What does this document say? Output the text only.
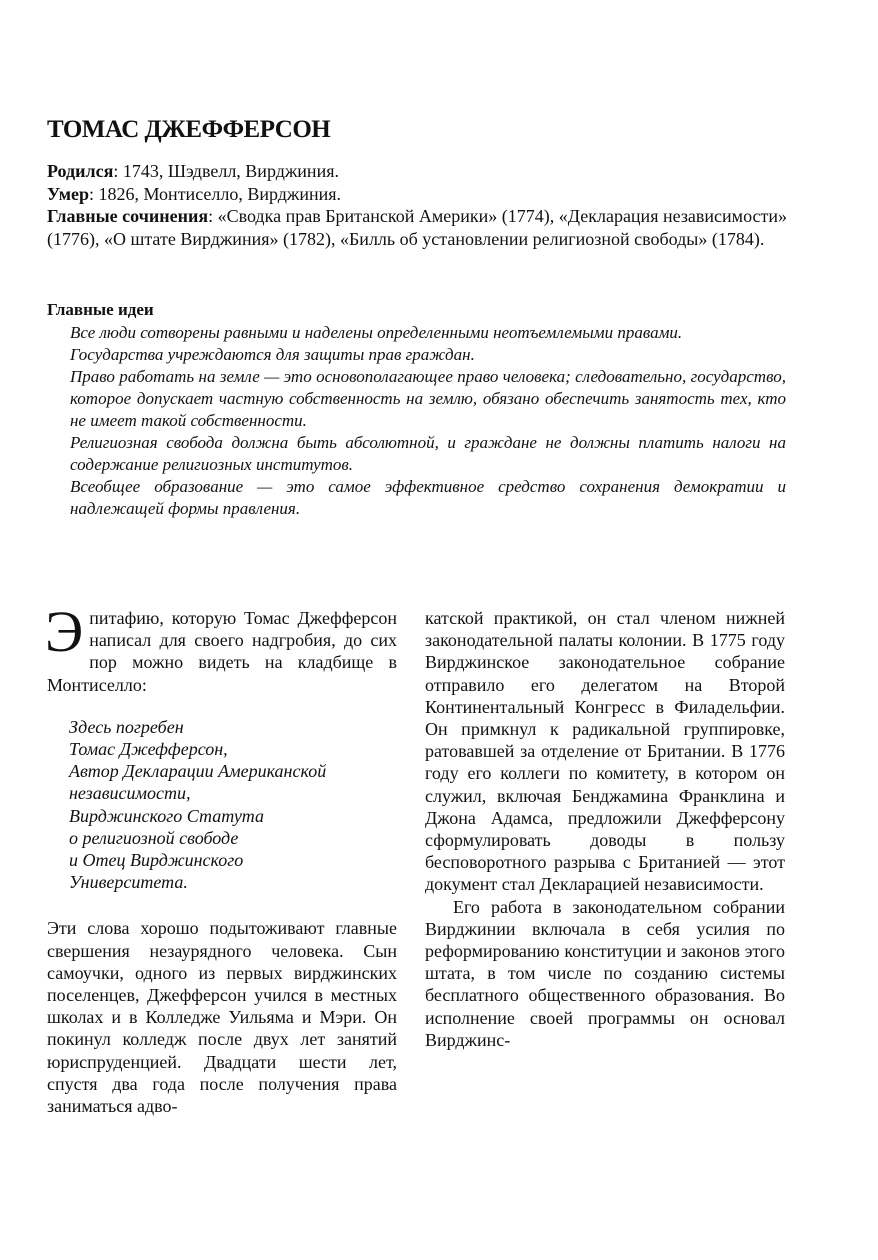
ТОМАС ДЖЕФФЕРСОН

Родился: 1743, Шэдвелл, Вирджиния.

Умер: 1826, Монтиселло, Вирджиния.

Главные сочинения: «Сводка прав Британской Америки» (1774), «Декларация независимости» (1776), «О штате Вирджиния» (1782), «Билль об установлении религиозной свободы» (1784).

Главные идеи

Все люди сотворены равными и наделены определенными неотъемлемыми правами.

Государства учреждаются для защиты прав граждан.

Право работать на земле — это основополагающее право человека; следовательно, государство, которое допускает частную собственность на землю, обязано обеспечить занятость тех, кто не имеет такой собственности.

Религиозная свобода должна быть абсолютной, и граждане не должны платить налоги на содержание религиозных институтов.

Всеобщее образование — это самое эффективное средство сохранения демократии и надлежащей формы правления.

Эпитафию, которую Томас Джефферсон написал для своего надгробия, до сих пор можно видеть на кладбище в Монтиселло:

Здесь погребен
Томас Джефферсон,
Автор Декларации Американской
независимости,
Вирджинского Статута
о религиозной свободе
и Отец Вирджинского
Университета.

Эти слова хорошо подытоживают главные свершения незаурядного человека. Сын самоучки, одного из первых вирджинских поселенцев, Джефферсон учился в местных школах и в Колледже Уильяма и Мэри. Он покинул колледж после двух лет занятий юриспруденцией. Двадцати шести лет, спустя два года после получения права заниматься адво-

катской практикой, он стал членом нижней законодательной палаты колонии. В 1775 году Вирджинское законодательное собрание отправило его делегатом на Второй Континентальный Конгресс в Филадельфии. Он примкнул к радикальной группировке, ратовавшей за отделение от Британии. В 1776 году его коллеги по комитету, в котором он служил, включая Бенджамина Франклина и Джона Адамса, предложили Джефферсону сформулировать доводы в пользу бесповоротного разрыва с Британией — этот документ стал Декларацией независимости.

Его работа в законодательном собрании Вирджинии включала в себя усилия по реформированию конституции и законов этого штата, в том числе по созданию системы бесплатного общественного образования. Во исполнение своей программы он основал Вирджинс-
